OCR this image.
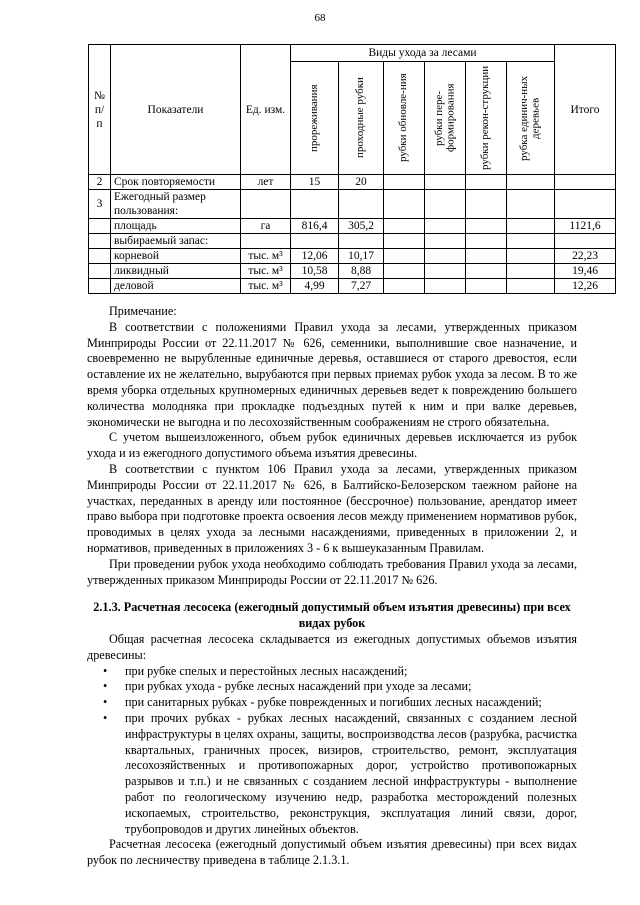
68
№ п/п	Показатели	Ед. изм.	Виды ухода за лесами						Итого

			прореживания	проходные рубки	рубки обновле-ния	рубки пере-формирования	рубки рекон-струкции	рубка единич-ных деревьев	

2	Срок повторяемости	лет	15	20					
3	Ежегодный размер пользования:								
	площадь	га	816,4	305,2					1121,6
	выбираемый запас:								
	корневой	тыс. м³	12,06	10,17					22,23
	ликвидный	тыс. м³	10,58	8,88					19,46
	деловой	тыс. м³	4,99	7,27					12,26

Примечание:

В соответствии с положениями Правил ухода за лесами, утвержденных приказом Минприроды России от 22.11.2017 № 626, семенники, выполнившие свое назначение, и своевременно не вырубленные единичные деревья, оставшиеся от старого древостоя, если оставление их не желательно, вырубаются при первых приемах рубок ухода за лесом. В то же время уборка отдельных крупномерных единичных деревьев ведет к повреждению большего количества молодняка при прокладке подъездных путей к ним и при валке деревьев, экономически не выгодна и по лесохозяйственным соображениям не строго обязательна.

С учетом вышеизложенного, объем рубок единичных деревьев исключается из рубок ухода и из ежегодного допустимого объема изъятия древесины.

В соответствии с пунктом 106 Правил ухода за лесами, утвержденных приказом Минприроды России от 22.11.2017 № 626, в Балтийско-Белозерском таежном районе на участках, переданных в аренду или постоянное (бессрочное) пользование, арендатор имеет право выбора при подготовке проекта освоения лесов между применением нормативов рубок, проводимых в целях ухода за лесными насаждениями, приведенных в приложении 2, и нормативов, приведенных в приложениях 3 - 6 к вышеуказанным Правилам.

При проведении рубок ухода необходимо соблюдать требования Правил ухода за лесами, утвержденных приказом Минприроды России от 22.11.2017 № 626.

2.1.3. Расчетная лесосека (ежегодный допустимый объем изъятия древесины) при всех видах рубок

Общая расчетная лесосека складывается из ежегодных допустимых объемов изъятия древесины:

• при рубке спелых и перестойных лесных насаждений;
• при рубках ухода - рубке лесных насаждений при уходе за лесами;
• при санитарных рубках - рубке поврежденных и погибших лесных насаждений;
• при прочих рубках - рубках лесных насаждений, связанных с созданием лесной инфраструктуры в целях охраны, защиты, воспроизводства лесов (разрубка, расчистка квартальных, граничных просек, визиров, строительство, ремонт, эксплуатация лесохозяйственных и противопожарных дорог, устройство противопожарных разрывов и т.п.) и не связанных с созданием лесной инфраструктуры - выполнение работ по геологическому изучению недр, разработка месторождений полезных ископаемых, строительство, реконструкция, эксплуатация линий связи, дорог, трубопроводов и других линейных объектов.

Расчетная лесосека (ежегодный допустимый объем изъятия древесины) при всех видах рубок по лесничеству приведена в таблице 2.1.3.1.
